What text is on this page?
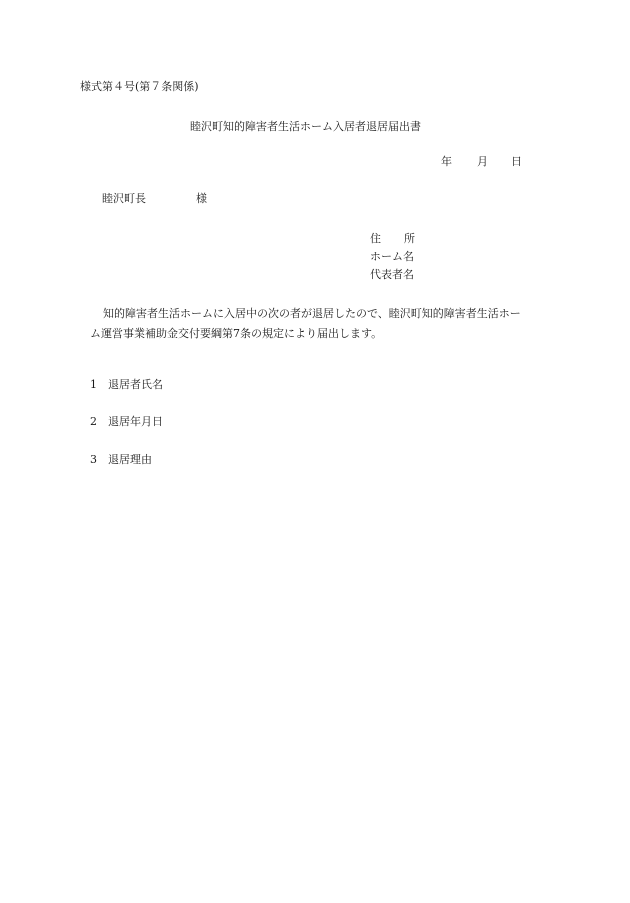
様式第４号(第７条関係)
睦沢町知的障害者生活ホーム入居者退居届出書
年 月 日
睦沢町長	様
住 所
ホーム名
代表者名
知的障害者生活ホームに入居中の次の者が退居したので、睦沢町知的障害者生活ホー
ム運営事業補助金交付要綱第7条の規定により届出します。
1 退居者氏名
2 退居年月日
3 退居理由
